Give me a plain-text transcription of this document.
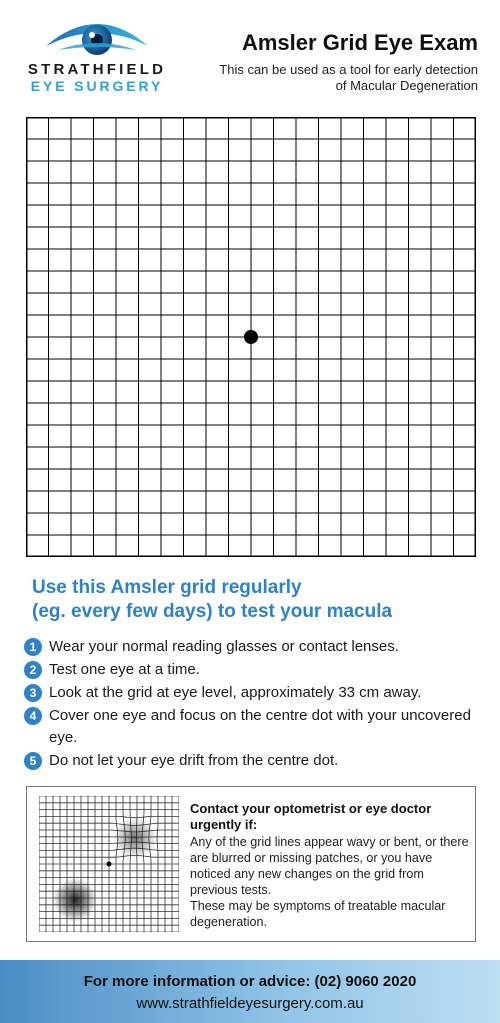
STRATHFIELD
EYE SURGERY
Amsler Grid Eye Exam
This can be used as a tool for early detection of Macular Degeneration
Use this Amsler grid regularly
(eg. every few days) to test your macula
1 Wear your normal reading glasses or contact lenses.
2 Test one eye at a time.
3 Look at the grid at eye level, approximately 33 cm away.
4 Cover one eye and focus on the centre dot with your uncovered eye.
5 Do not let your eye drift from the centre dot.
Contact your optometrist or eye doctor urgently if:

Any of the grid lines appear wavy or bent, or there are blurred or missing patches, or you have noticed any new changes on the grid from previous tests.

These may be symptoms of treatable macular degeneration.

For more information or advice: (02) 9060 2020
www.strathfieldeyesurgery.com.au
